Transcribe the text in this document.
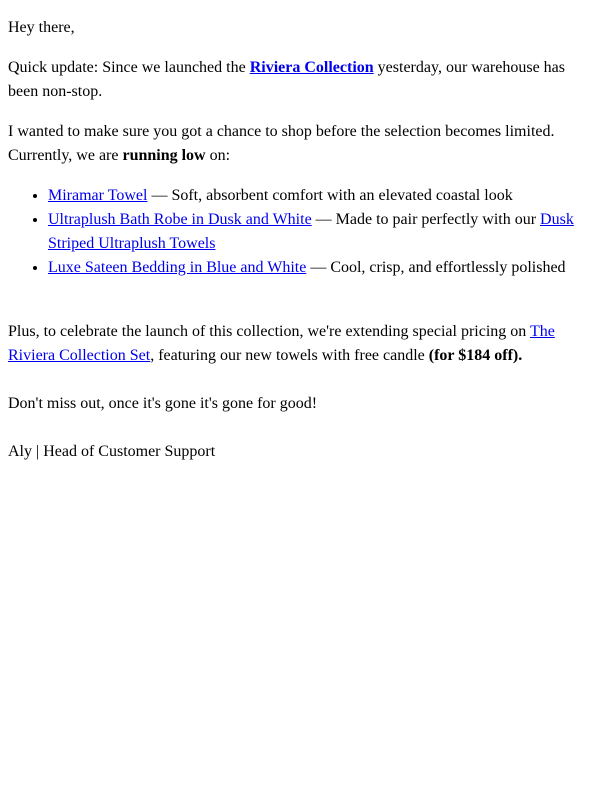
Hey there,

Quick update: Since we launched the Riviera Collection yesterday, our warehouse has been non-stop.

I wanted to make sure you got a chance to shop before the selection becomes limited. Currently, we are running low on:

• Miramar Towel — Soft, absorbent comfort with an elevated coastal look
• Ultraplush Bath Robe in Dusk and White — Made to pair perfectly with our Dusk Striped Ultraplush Towels
• Luxe Sateen Bedding in Blue and White — Cool, crisp, and effortlessly polished

Plus, to celebrate the launch of this collection, we're extending special pricing on The Riviera Collection Set, featuring our new towels with free candle (for $184 off).

Don't miss out, once it's gone it's gone for good!

Aly | Head of Customer Support
